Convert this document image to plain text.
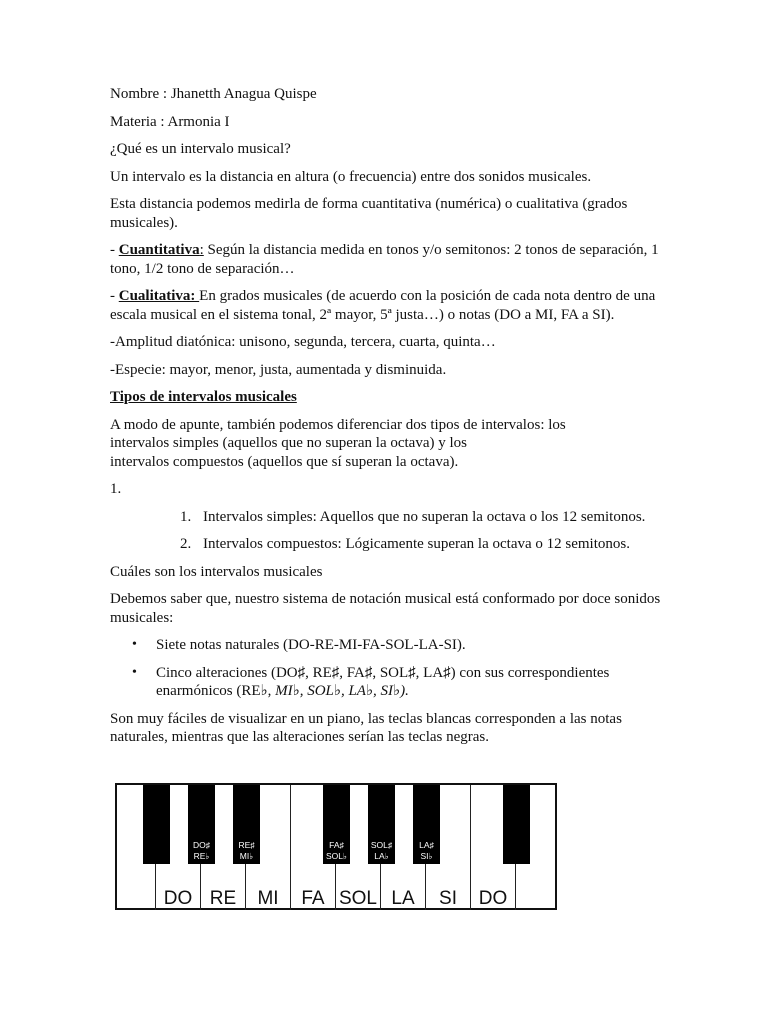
Nombre : Jhanetth Anagua Quispe

Materia : Armonia I

¿Qué es un intervalo musical?

Un intervalo es la distancia en altura (o frecuencia) entre dos sonidos musicales.

Esta distancia podemos medirla de forma cuantitativa (numérica) o cualitativa (grados musicales).

- Cuantitativa: Según la distancia medida en tonos y/o semitonos: 2 tonos de separación, 1 tono, 1/2 tono de separación…

- Cualitativa: En grados musicales (de acuerdo con la posición de cada nota dentro de una escala musical en el sistema tonal, 2ª mayor, 5ª justa…) o notas (DO a MI, FA a SI).

-Amplitud diatónica: unisono, segunda, tercera, cuarta, quinta…

-Especie: mayor, menor, justa, aumentada y disminuida.

Tipos de intervalos musicales

A modo de apunte, también podemos diferenciar dos tipos de intervalos: los
intervalos simples (aquellos que no superan la octava) y los
intervalos compuestos (aquellos que sí superan la octava).

1.

1. Intervalos simples: Aquellos que no superan la octava o los 12 semitonos.
2. Intervalos compuestos: Lógicamente superan la octava o 12 semitonos.

Cuáles son los intervalos musicales

Debemos saber que, nuestro sistema de notación musical está conformado por doce sonidos musicales:

• Siete notas naturales (DO-RE-MI-FA-SOL-LA-SI).
• Cinco alteraciones (DO♯, RE♯, FA♯, SOL♯, LA♯) con sus correspondientes enarmónicos (RE♭, MI♭, SOL♭, LA♭, SI♭).

Son muy fáciles de visualizar en un piano, las teclas blancas corresponden a las notas naturales, mientras que las alteraciones serían las teclas negras.

DO RE	MI	FA SOL LA	SI	DO
DO♯
RE♭
RE♯
MI♭
FA♯
SOL♭
SOL♯
LA♭
LA♯
SI♭
